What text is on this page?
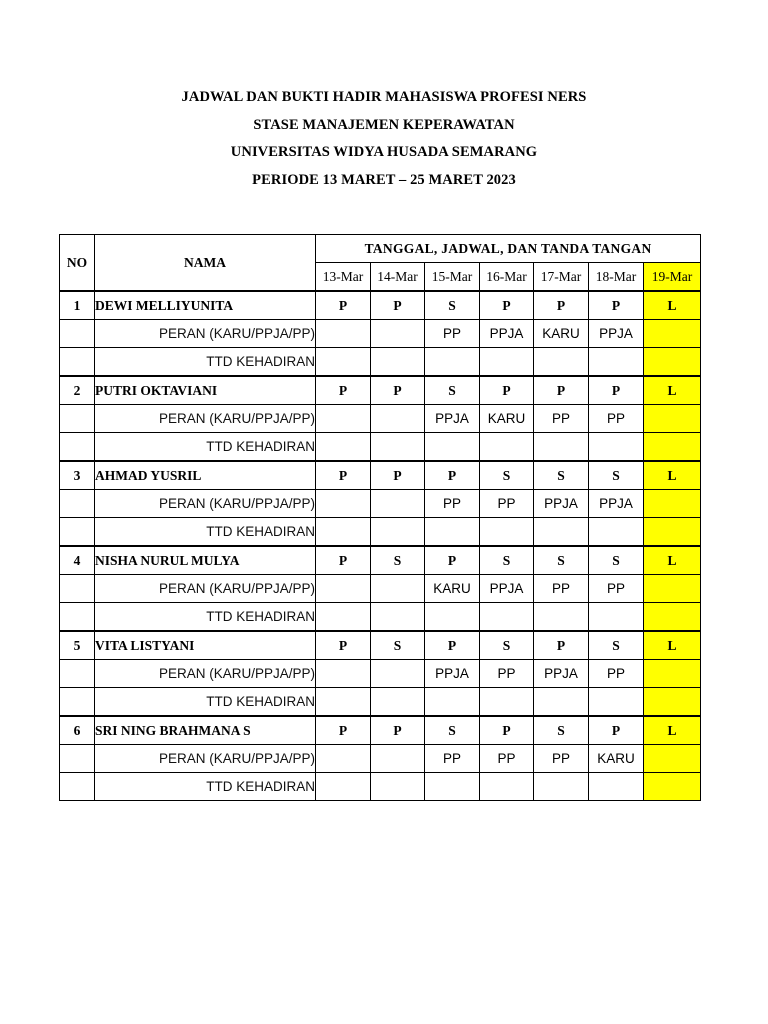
JADWAL DAN BUKTI HADIR MAHASISWA PROFESI NERS
STASE MANAJEMEN KEPERAWATAN
UNIVERSITAS WIDYA HUSADA SEMARANG
PERIODE 13 MARET – 25 MARET 2023
NO	NAMA	TANGGAL, JADWAL, DAN TANDA TANGAN						
		13-Mar	14-Mar	15-Mar	16-Mar	17-Mar	18-Mar	19-Mar
1	DEWI MELLIYUNITA	P	P	S	P	P	P	L
	PERAN (KARU/PPJA/PP)			PP	PPJA	KARU	PPJA	
	TTD KEHADIRAN							
2	PUTRI OKTAVIANI	P	P	S	P	P	P	L
	PERAN (KARU/PPJA/PP)			PPJA	KARU	PP	PP	
	TTD KEHADIRAN							
3	AHMAD YUSRIL	P	P	P	S	S	S	L
	PERAN (KARU/PPJA/PP)			PP	PP	PPJA	PPJA	
	TTD KEHADIRAN							
4	NISHA NURUL MULYA	P	S	P	S	S	S	L
	PERAN (KARU/PPJA/PP)			KARU	PPJA	PP	PP	
	TTD KEHADIRAN							
5	VITA LISTYANI	P	S	P	S	P	S	L
	PERAN (KARU/PPJA/PP)			PPJA	PP	PPJA	PP	
	TTD KEHADIRAN							
6	SRI NING BRAHMANA S	P	P	S	P	S	P	L
	PERAN (KARU/PPJA/PP)			PP	PP	PP	KARU	
	TTD KEHADIRAN							
